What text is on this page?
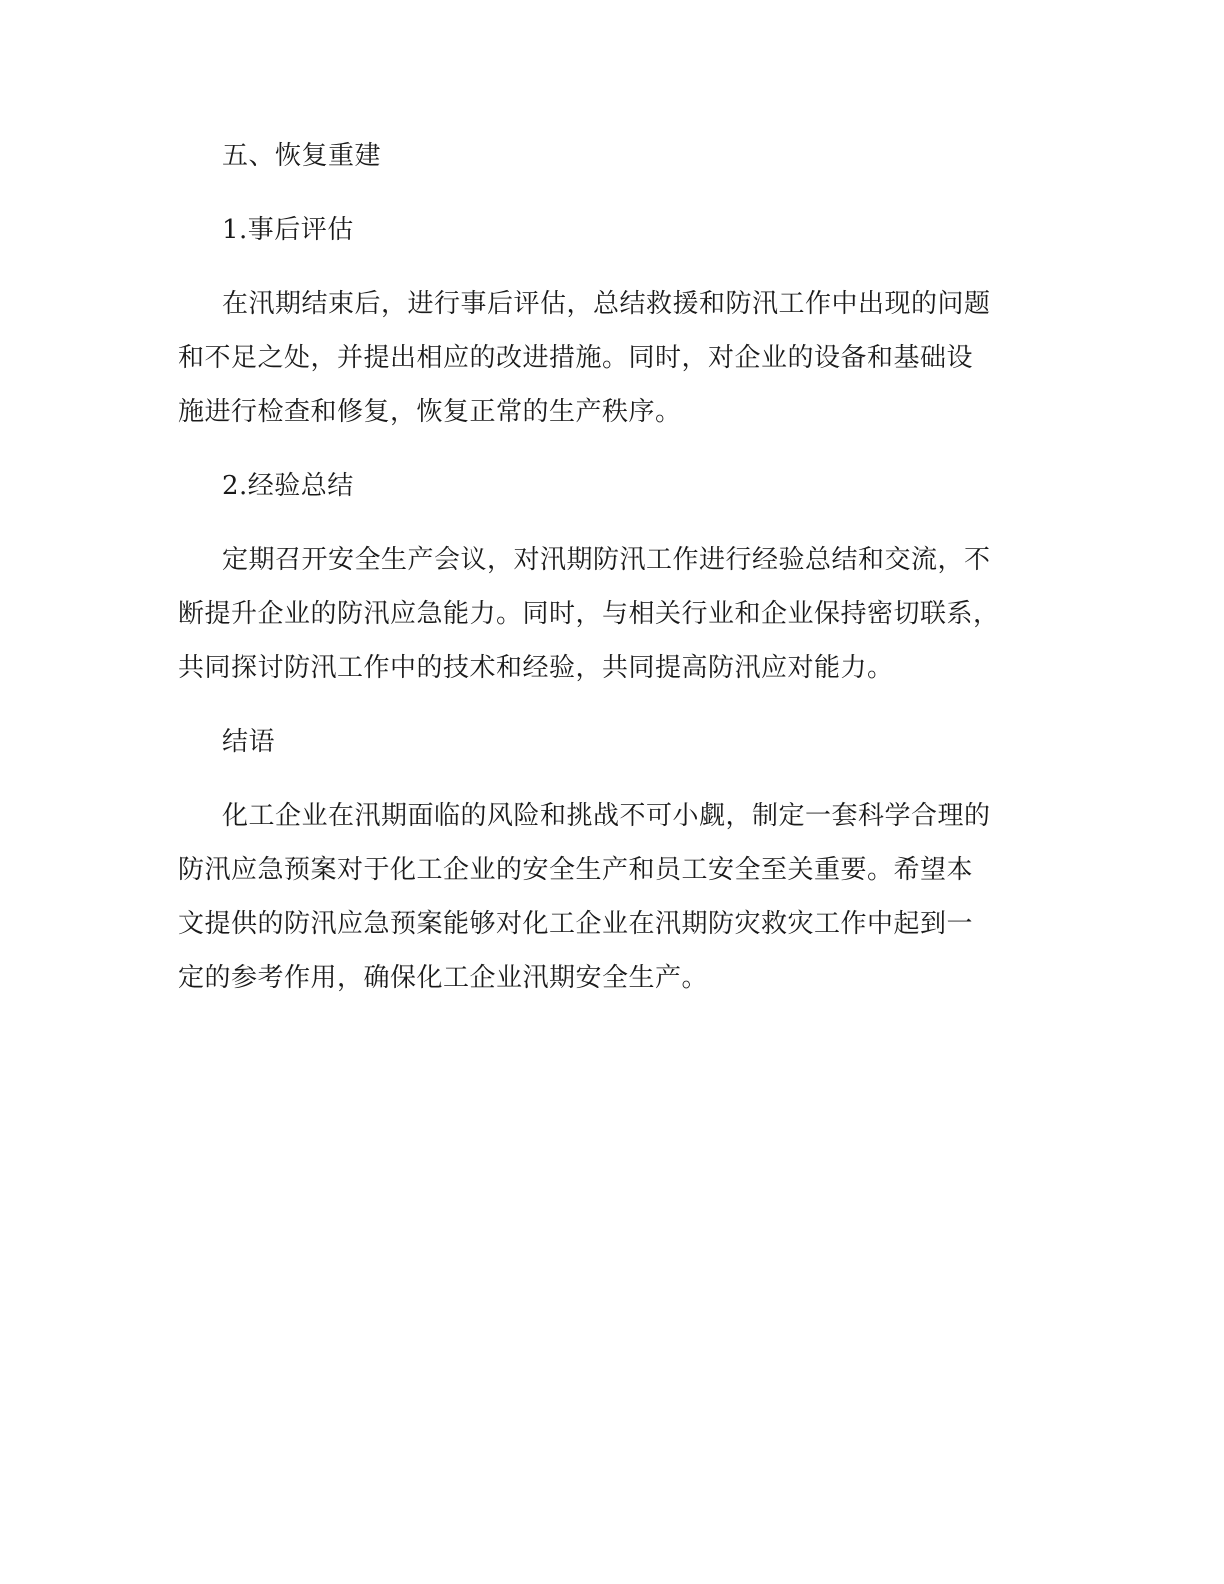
五、恢复重建
1.事后评估
在汛期结束后，进行事后评估，总结救援和防汛工作中出现的问题
和不足之处，并提出相应的改进措施。同时，对企业的设备和基础设
施进行检查和修复，恢复正常的生产秩序。
2.经验总结
定期召开安全生产会议，对汛期防汛工作进行经验总结和交流，不
断提升企业的防汛应急能力。同时，与相关行业和企业保持密切联系，
共同探讨防汛工作中的技术和经验，共同提高防汛应对能力。
结语
化工企业在汛期面临的风险和挑战不可小觑，制定一套科学合理的
防汛应急预案对于化工企业的安全生产和员工安全至关重要。希望本
文提供的防汛应急预案能够对化工企业在汛期防灾救灾工作中起到一
定的参考作用，确保化工企业汛期安全生产。
